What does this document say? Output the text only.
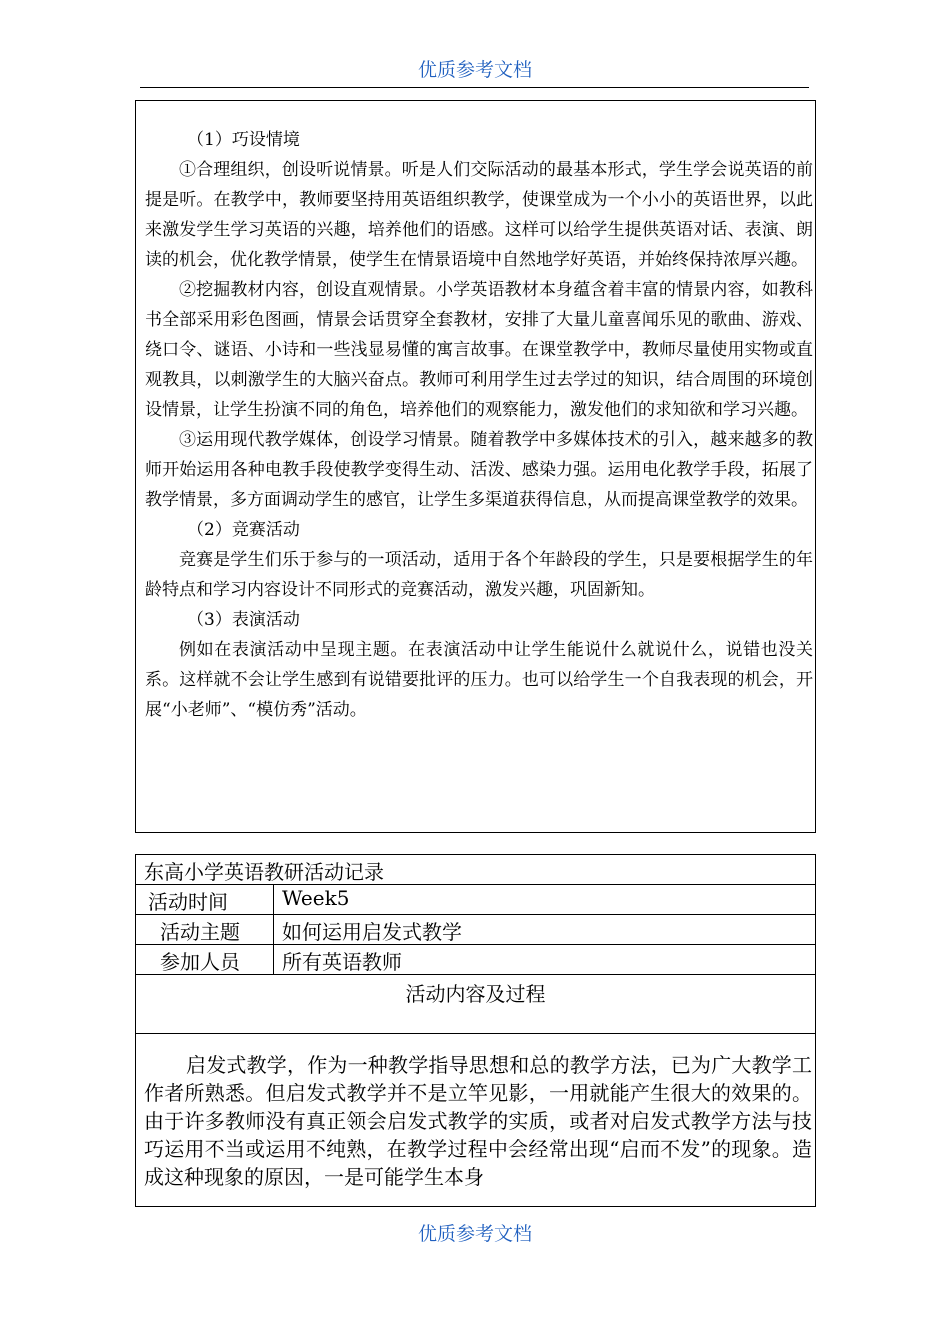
优质参考文档

（1）巧设情境

①合理组织，创设听说情景。听是人们交际活动的最基本形式，学生学会说英语的前提是听。在教学中，教师要坚持用英语组织教学，使课堂成为一个小小的英语世界，以此来激发学生学习英语的兴趣，培养他们的语感。这样可以给学生提供英语对话、表演、朗读的机会，优化教学情景，使学生在情景语境中自然地学好英语，并始终保持浓厚兴趣。

②挖掘教材内容，创设直观情景。小学英语教材本身蕴含着丰富的情景内容，如教科书全部采用彩色图画，情景会话贯穿全套教材，安排了大量儿童喜闻乐见的歌曲、游戏、绕口令、谜语、小诗和一些浅显易懂的寓言故事。在课堂教学中，教师尽量使用实物或直观教具，以刺激学生的大脑兴奋点。教师可利用学生过去学过的知识，结合周围的环境创设情景，让学生扮演不同的角色，培养他们的观察能力，激发他们的求知欲和学习兴趣。

③运用现代教学媒体，创设学习情景。随着教学中多媒体技术的引入，越来越多的教师开始运用各种电教手段使教学变得生动、活泼、感染力强。运用电化教学手段，拓展了教学情景，多方面调动学生的感官，让学生多渠道获得信息，从而提高课堂教学的效果。

（2）竞赛活动

竞赛是学生们乐于参与的一项活动，适用于各个年龄段的学生，只是要根据学生的年龄特点和学习内容设计不同形式的竞赛活动，激发兴趣，巩固新知。

（3）表演活动

例如在表演活动中呈现主题。在表演活动中让学生能说什么就说什么，说错也没关系。这样就不会让学生感到有说错要批评的压力。也可以给学生一个自我表现的机会，开展“小老师”、“模仿秀”活动。

东高小学英语教研活动记录
活动时间	Week5
活动主题	如何运用启发式教学
参加人员	所有英语教师
活动内容及过程

启发式教学，作为一种教学指导思想和总的教学方法，已为广大教学工作者所熟悉。但启发式教学并不是立竿见影，一用就能产生很大的效果的。由于许多教师没有真正领会启发式教学的实质，或者对启发式教学方法与技巧运用不当或运用不纯熟，在教学过程中会经常出现“启而不发”的现象。造成这种现象的原因，一是可能学生本身

优质参考文档
